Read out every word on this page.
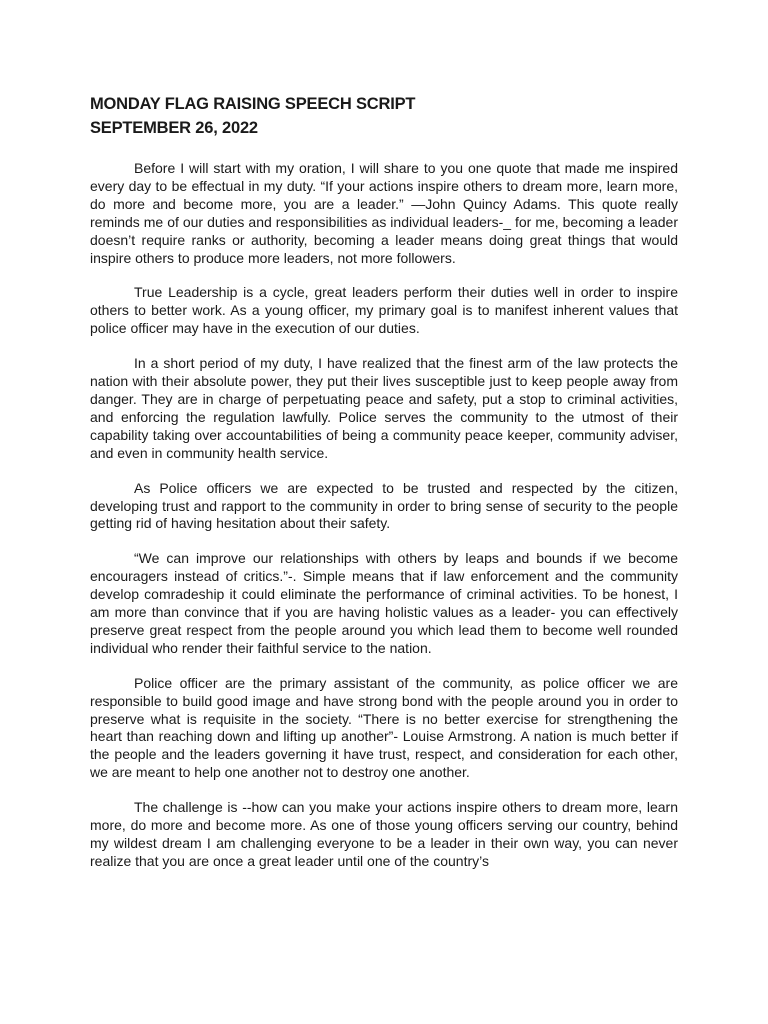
MONDAY FLAG RAISING SPEECH SCRIPT
SEPTEMBER 26, 2022

Before I will start with my oration, I will share to you one quote that made me inspired every day to be effectual in my duty. “If your actions inspire others to dream more, learn more, do more and become more, you are a leader.” —John Quincy Adams. This quote really reminds me of our duties and responsibilities as individual leaders-_ for me, becoming a leader doesn’t require ranks or authority, becoming a leader means doing great things that would inspire others to produce more leaders, not more followers.

True Leadership is a cycle, great leaders perform their duties well in order to inspire others to better work. As a young officer, my primary goal is to manifest inherent values that police officer may have in the execution of our duties.

In a short period of my duty, I have realized that the finest arm of the law protects the nation with their absolute power, they put their lives susceptible just to keep people away from danger. They are in charge of perpetuating peace and safety, put a stop to criminal activities, and enforcing the regulation lawfully. Police serves the community to the utmost of their capability taking over accountabilities of being a community peace keeper, community adviser, and even in community health service.

As Police officers we are expected to be trusted and respected by the citizen, developing trust and rapport to the community in order to bring sense of security to the people getting rid of having hesitation about their safety.

“We can improve our relationships with others by leaps and bounds if we become encouragers instead of critics.”-. Simple means that if law enforcement and the community develop comradeship it could eliminate the performance of criminal activities. To be honest, I am more than convince that if you are having holistic values as a leader- you can effectively preserve great respect from the people around you which lead them to become well rounded individual who render their faithful service to the nation.

Police officer are the primary assistant of the community, as police officer we are responsible to build good image and have strong bond with the people around you in order to preserve what is requisite in the society. “There is no better exercise for strengthening the heart than reaching down and lifting up another”- Louise Armstrong. A nation is much better if the people and the leaders governing it have trust, respect, and consideration for each other, we are meant to help one another not to destroy one another.

The challenge is --how can you make your actions inspire others to dream more, learn more, do more and become more. As one of those young officers serving our country, behind my wildest dream I am challenging everyone to be a leader in their own way, you can never realize that you are once a great leader until one of the country’s
